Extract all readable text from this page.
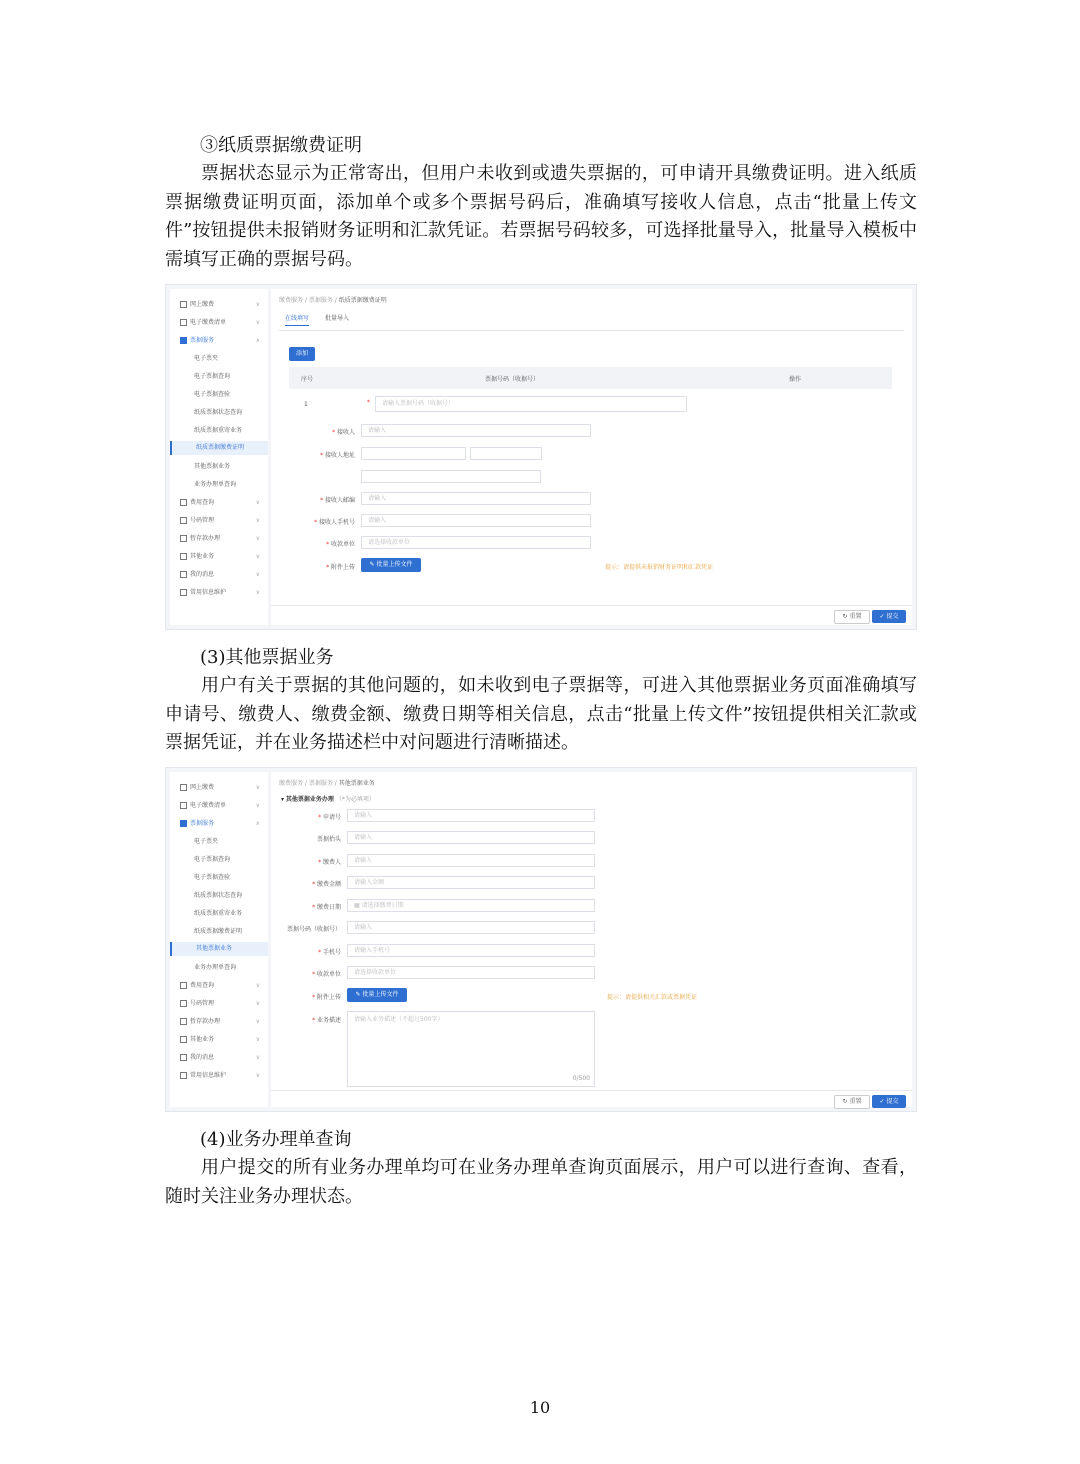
③纸质票据缴费证明

票据状态显示为正常寄出，但用户未收到或遗失票据的，可申请开具缴费证明。进入纸质票据缴费证明页面，添加单个或多个票据号码后，准确填写接收人信息，点击“批量上传文件”按钮提供未报销财务证明和汇款凭证。若票据号码较多，可选择批量导入，批量导入模板中需填写正确的票据号码。

网上缴费	∨
电子缴费清单	∨
票据服务	∧
电子票夹
电子票据查询
电子票据查验
纸质票据状态查询
纸质票据重寄业务
纸质票据缴费证明
其他票据业务
业务办理单查询
费用查询	∨
号码管理	∨
暂存款办理	∨
其他业务	∨
我的消息	∨
常用信息维护	∨
缴费服务 / 票据服务 / 纸质票据缴费证明
在线填写	批量导入
添加
序号	票据号码（收据号）	操作
1	*	请输入票据号码（收据号）
* 接收人	请输入
* 接收人地址
* 接收人邮编	请输入
* 接收人手机号	请输入
* 收款单位	请选择收款单位
* 附件上传	✎ 批量上传文件	提示：请提供未报销财务证明和汇款凭证
↻ 重置	✓ 提交

(3)其他票据业务

用户有关于票据的其他问题的，如未收到电子票据等，可进入其他票据业务页面准确填写申请号、缴费人、缴费金额、缴费日期等相关信息，点击“批量上传文件”按钮提供相关汇款或票据凭证，并在业务描述栏中对问题进行清晰描述。

网上缴费	∨
电子缴费清单	∨
票据服务	∧
电子票夹
电子票据查询
电子票据查验
纸质票据状态查询
纸质票据重寄业务
纸质票据缴费证明
其他票据业务
业务办理单查询
费用查询	∨
号码管理	∨
暂存款办理	∨
其他业务	∨
我的消息	∨
常用信息维护	∨
缴费服务 / 票据服务 / 其他票据业务
▾ 其他票据业务办理 （*为必填项）
* 申请号	请输入
票据抬头	请输入
* 缴费人	请输入
* 缴费金额	请输入金额
* 缴费日期	▦ 请选择缴费日期
票据号码（收据号）	请输入
* 手机号	请输入手机号
* 收款单位	请选择收款单位
* 附件上传	✎ 批量上传文件	提示：请提供相关汇款或票据凭证
* 业务描述	请输入业务描述（不超过500字）
0/500
↻ 重置	✓ 提交

(4)业务办理单查询

用户提交的所有业务办理单均可在业务办理单查询页面展示，用户可以进行查询、查看，随时关注业务办理状态。

10
